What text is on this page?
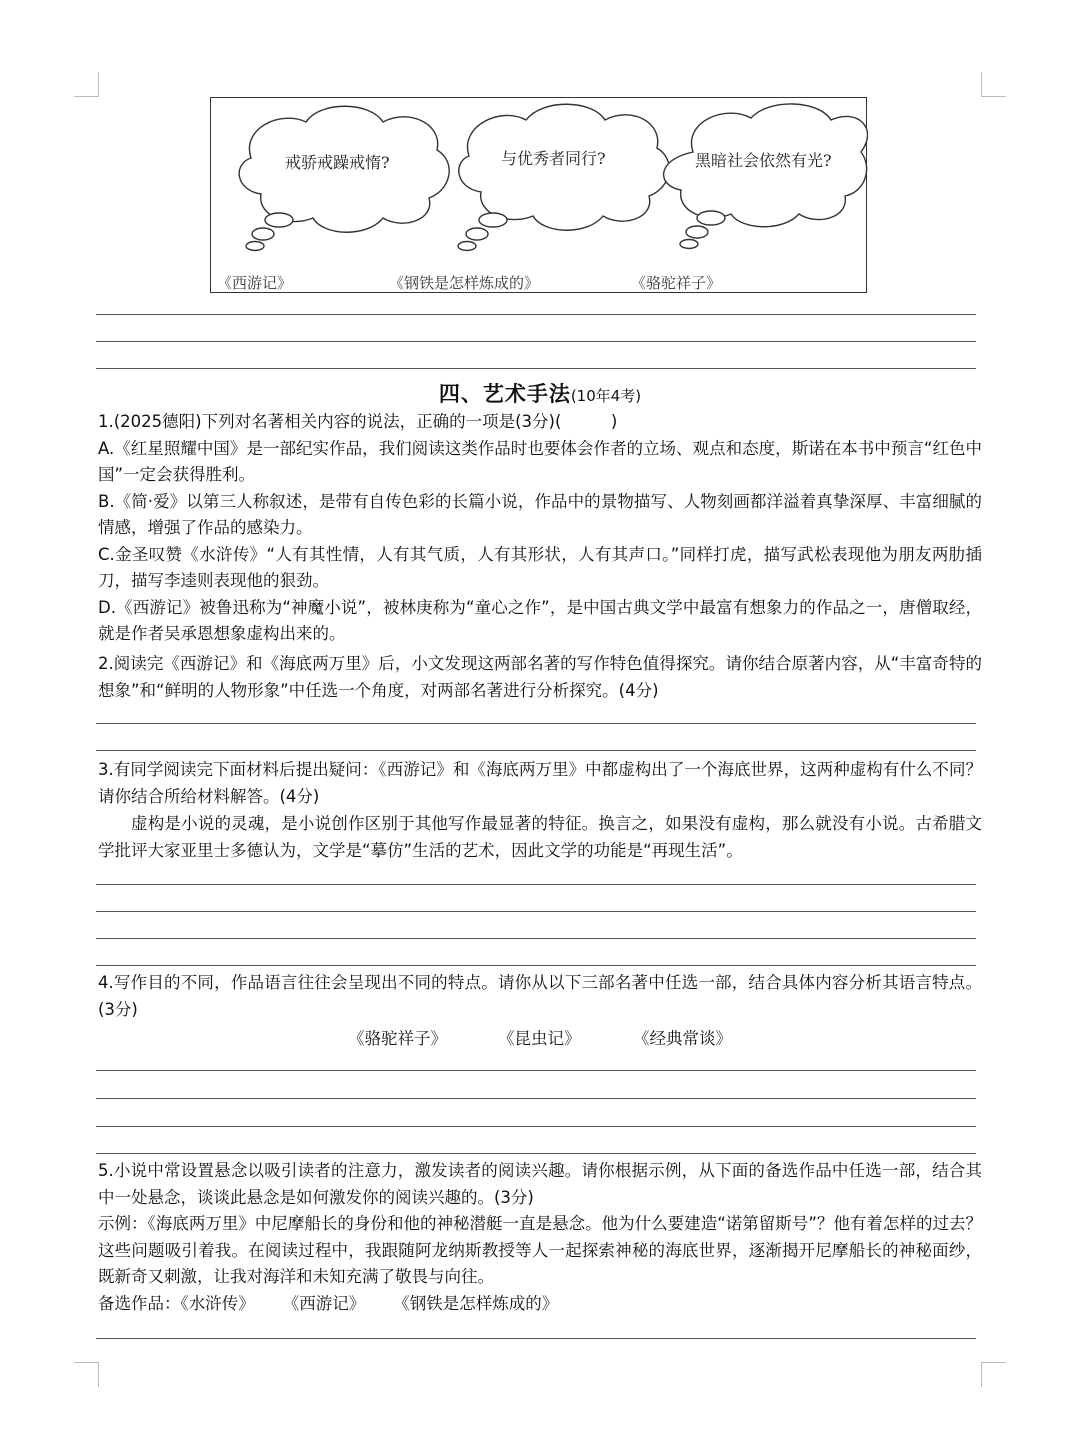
戒骄戒躁戒惰?	与优秀者同行?	黑暗社会依然有光?
《西游记》	《钢铁是怎样炼成的》	《骆驼祥子》
四、艺术手法(10年4考)
1.(2025德阳)下列对名著相关内容的说法，正确的一项是(3分)(　　　)
A.《红星照耀中国》是一部纪实作品，我们阅读这类作品时也要体会作者的立场、观点和态度，斯诺在本书中预言“红色中国”一定会获得胜利。
B.《简·爱》以第三人称叙述，是带有自传色彩的长篇小说，作品中的景物描写、人物刻画都洋溢着真挚深厚、丰富细腻的情感，增强了作品的感染力。
C.金圣叹赞《水浒传》“人有其性情，人有其气质，人有其形状，人有其声口。”同样打虎，描写武松表现他为朋友两肋插刀，描写李逵则表现他的狠劲。
D.《西游记》被鲁迅称为“神魔小说”，被林庚称为“童心之作”，是中国古典文学中最富有想象力的作品之一，唐僧取经，就是作者吴承恩想象虚构出来的。
2.阅读完《西游记》和《海底两万里》后，小文发现这两部名著的写作特色值得探究。请你结合原著内容，从“丰富奇特的想象”和“鲜明的人物形象”中任选一个角度，对两部名著进行分析探究。(4分)
3.有同学阅读完下面材料后提出疑问：《西游记》和《海底两万里》中都虚构出了一个海底世界，这两种虚构有什么不同？请你结合所给材料解答。(4分)
虚构是小说的灵魂，是小说创作区别于其他写作最显著的特征。换言之，如果没有虚构，那么就没有小说。古希腊文学批评大家亚里士多德认为，文学是“摹仿”生活的艺术，因此文学的功能是“再现生活”。
4.写作目的不同，作品语言往往会呈现出不同的特点。请你从以下三部名著中任选一部，结合具体内容分析其语言特点。(3分)
《骆驼祥子》	《昆虫记》	《经典常谈》
5.小说中常设置悬念以吸引读者的注意力，激发读者的阅读兴趣。请你根据示例，从下面的备选作品中任选一部，结合其中一处悬念，谈谈此悬念是如何激发你的阅读兴趣的。(3分)
示例：《海底两万里》中尼摩船长的身份和他的神秘潜艇一直是悬念。他为什么要建造“诺第留斯号”？他有着怎样的过去？这些问题吸引着我。在阅读过程中，我跟随阿龙纳斯教授等人一起探索神秘的海底世界，逐渐揭开尼摩船长的神秘面纱，既新奇又刺激，让我对海洋和未知充满了敬畏与向往。
备选作品：《水浒传》 《西游记》 《钢铁是怎样炼成的》
